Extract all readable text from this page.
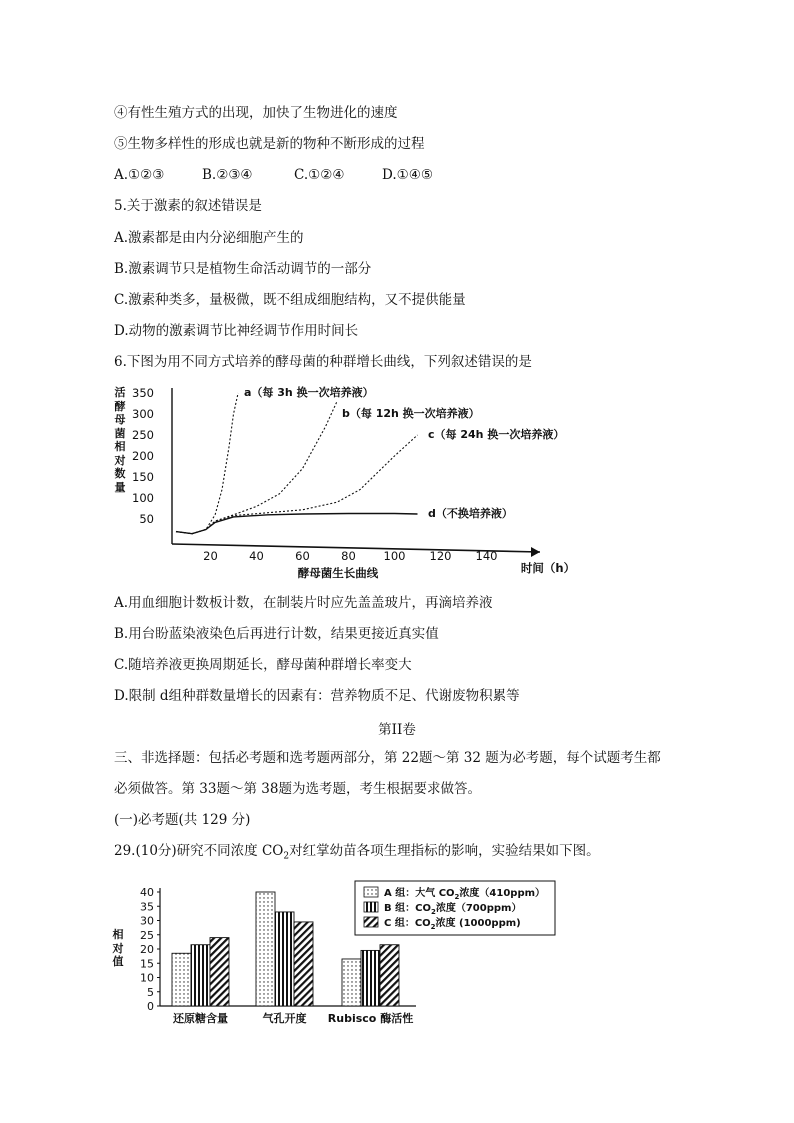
④有性生殖方式的出现，加快了生物进化的速度
⑤生物多样性的形成也就是新的物种不断形成的过程
A.①②③	B.②③④	C.①②④	D.①④⑤
5.关于激素的叙述错误是
A.激素都是由内分泌细胞产生的
B.激素调节只是植物生命活动调节的一部分
C.激素种类多，量极微，既不组成细胞结构，又不提供能量
D.动物的激素调节比神经调节作用时间长
6.下图为用不同方式培养的酵母菌的种群增长曲线，下列叙述错误的是
活
酵
母
菌
相
对
数
量
50
100
150
200
250
300
350
20	40	60	80 100 120 140
酵母菌生长曲线	时间（h）
a（每 3h 换一次培养液）
b（每 12h 换一次培养液）
c（每 24h 换一次培养液）
d（不换培养液）
A.用血细胞计数板计数，在制装片时应先盖盖玻片，再滴培养液
B.用台盼蓝染液染色后再进行计数，结果更接近真实值
C.随培养液更换周期延长，酵母菌种群增长率变大
D.限制 d组种群数量增长的因素有：营养物质不足、代谢废物积累等
第II卷
三、非选择题：包括必考题和选考题两部分，第 22题～第 32 题为必考题，每个试题考生都
必须做答。第 33题～第 38题为选考题，考生根据要求做答。
(一)必考题(共 129 分)
29.(10分)研究不同浓度 $CO_2$对红掌幼苗各项生理指标的影响，实验结果如下图。
相
对
值
0
5
10
15
20
25
30
35
40
还原糖含量	气孔开度 Rubisco 酶活性
A 组：大气 $CO_2$浓度（410ppm）
B 组：$CO_2$浓度（700ppm）
C 组：$CO_2$浓度 (1000ppm)
